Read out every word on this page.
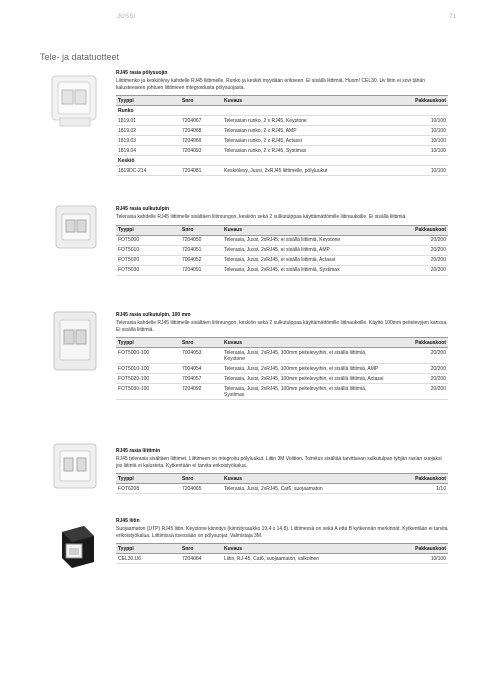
JUSSI	71
Tele- ja datatuotteet
RJ45 rasia pölysuojin
Liittimenko ja keskiölevy kahdelle RJ45 liittimelle. Runko ja keskiö myydään erikseen. Ei sisällä liittimiä. Huom! CEL30. Uv liitin ei sovi tähän kalusteeseen johtuen liittimeen integroidusta pölysuojasta.
Tyyppi	Snro	Kuvaus	Pakkauskoot
Runko			
1819.01	7204067	Telerasian runko, 2 x RJ45, Keystone	10/100
1819.02	7204068	Telerasian runko, 2 x RJ45, AMP	10/100
1819.03	7204069	Telerasian runko, 2 x RJ45, Actassi	10/100
1819.04	7204093	Telerasian runko, 2 x RJ45, Systimax	10/100
Keskiö			
1819DC-214	7204081	Keskiölevy, Jussi, 2xRJ45 liittimelle, pölyluukut	10/100
RJ45 rasia sulkutulpin
Telerasia kahdelle RJ45 liittimelle sisältäen liitinrungon, keskiön sekä 2 sulkutulppaa käyttämättömille liitinaukoille. Ei sisällä liittimiä.
Tyyppi	Snro	Kuvaus	Pakkauskoot
FOT5000	7204050	Telerasia, Jussi, 2xRJ45, ei sisällä liittimiä, Keystone	20/200
FOT5010	7204051	Telerasia, Jussi, 2xRJ45, ei sisällä liittimiä, AMP	20/200
FOT5020	7004052	Telerasia, Jussi, 2xRJ45, ei sisällä liittimiä, Actassi	20/200
FOT5030	7204091	Telerasia, Jussi, 2xRJ45, ei sisällä liittimiä, Systimax	20/200
RJ45 rasia sulkutulpin, 100 mm
Telerasia kahdelle RJ45 liittimelle sisältäen liitinrungon, keskiön sekä 2 sulkutulppaa käyttämättömille liitinaukoille. Käyttö 100mm peitelevyjen kanssa. Ei sisällä liittimiä.
Tyyppi	Snro	Kuvaus	Pakkauskoot
FOT5000-100	7004053	Telerasia, Jussi, 2xRJ45, 100mm peitelevyihin, ei sisällä liittimiä, Keystone	20/200
FOT5010-100	7004054	Telerasia, Jussi, 2xRJ45, 100mm peitelevyihin, ei sisällä liittimiä, AMP	20/200
FOT5020-100	7004057	Telerasia, Jussi, 2xRJ45, 100mm peitelevyihin, ei sisällä liittimiä, Actassi	20/200
FOT5030-100	7204092	Telerasia, Jussi, 2xRJ45, 100mm peitelevyihin, ei sisällä liittimiä, Systimax	20/200
RJ45 rasia liittimin
RJ45 telerasia sisältäen liittimet. Liittimeen on integroitu pölyluukut. Liitin 3M Volition. Toimitus sisältää tarvittavan sulkutulpan tyhjän rasian suojaksi jos liitintä ei kalusteta. Kytkentään ei tarvita erikoistyökalua.
Tyyppi	Snro	Kuvaus	Pakkauskoot
FOT6208	7204065	Telerasia, Jussi, 2xRJ45, Cat6, suojaamaton	1/10
RJ45 liitin
Suojaamaton (UTP) RJ45 liitin. Keystone kiinnitys (kiinnitysaukko 19,4 x 14,8). Liittimessä on sekä A että B kytkennän merkinnät. Kytkentään ei tarvita erikoistyökalua. Liittimissä itsessään on pölysuojat. Valmistaja 3M.
Tyyppi	Snro	Kuvaus	Pakkauskoot
CEL30.U6	7204064	Liitin, RJ-45, Cat6, suojaamaton, valkoinen	10/100
